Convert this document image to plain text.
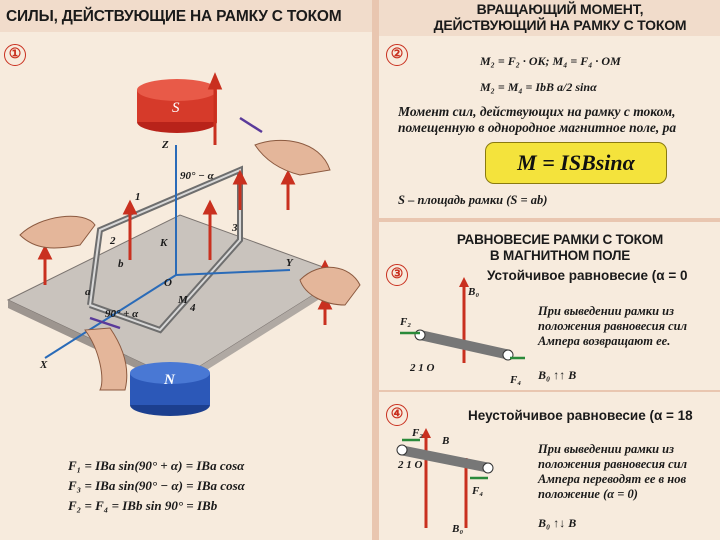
СИЛЫ, ДЕЙСТВУЮЩИЕ НА РАМКУ С ТОКОМ
①
Z
X
Y
O
K
M
90° − α
90° + α
1
3
4
2
a
b
S
N
F₁ = IBa sin(90° + α) = IBa cosα
F₃ = IBa sin(90° − α) = IBa cosα
F₂ = F₄ = IBb sin 90° = IBb
ВРАЩАЮЩИЙ МОМЕНТ,
ДЕЙСТВУЮЩИЙ НА РАМКУ С ТОКОМ
②	M₂ = F₂ · OK; M₄ = F₄ · OM
M₂ = M₄ = IbB a/2 sinα
Момент сил, действующих на рамку с током,
помещенную в однородное магнитное поле, ра
M = ISBsinα
S – площадь рамки (S = ab)
РАВНОВЕСИЕ РАМКИ С ТОКОМ
В МАГНИТНОМ ПОЛЕ
③	Устойчивое равновесие (α = 0
F₂
F₄
B₀
2 1 O
При выведении рамки из
положения равновесия сил
Ампера возвращают ее.
B₀ ↑↑ B
④	Неустойчивое равновесие (α = 18
F₂
F₄
B
B₀
2 1 O
При выведении рамки из
положения равновесия сил
Ампера переводят ее в нов
положение (α = 0)
B₀ ↑↓ B
